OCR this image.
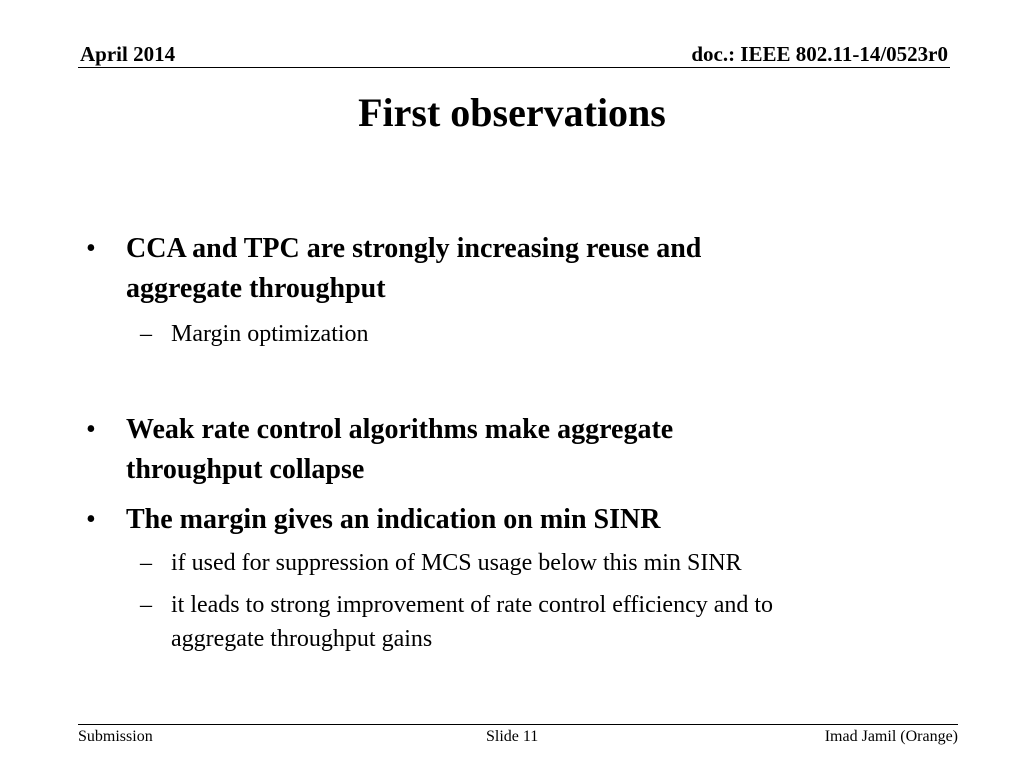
April 2014	doc.: IEEE 802.11-14/0523r0
First observations
• CCA and TPC are strongly increasing reuse and
aggregate throughput
– Margin optimization
• Weak rate control algorithms make aggregate
throughput collapse
• The margin gives an indication on min SINR
– if used for suppression of MCS usage below this min SINR
– it leads to strong improvement of rate control efficiency and to
aggregate throughput gains
Submission	Slide 11	Imad Jamil (Orange)
